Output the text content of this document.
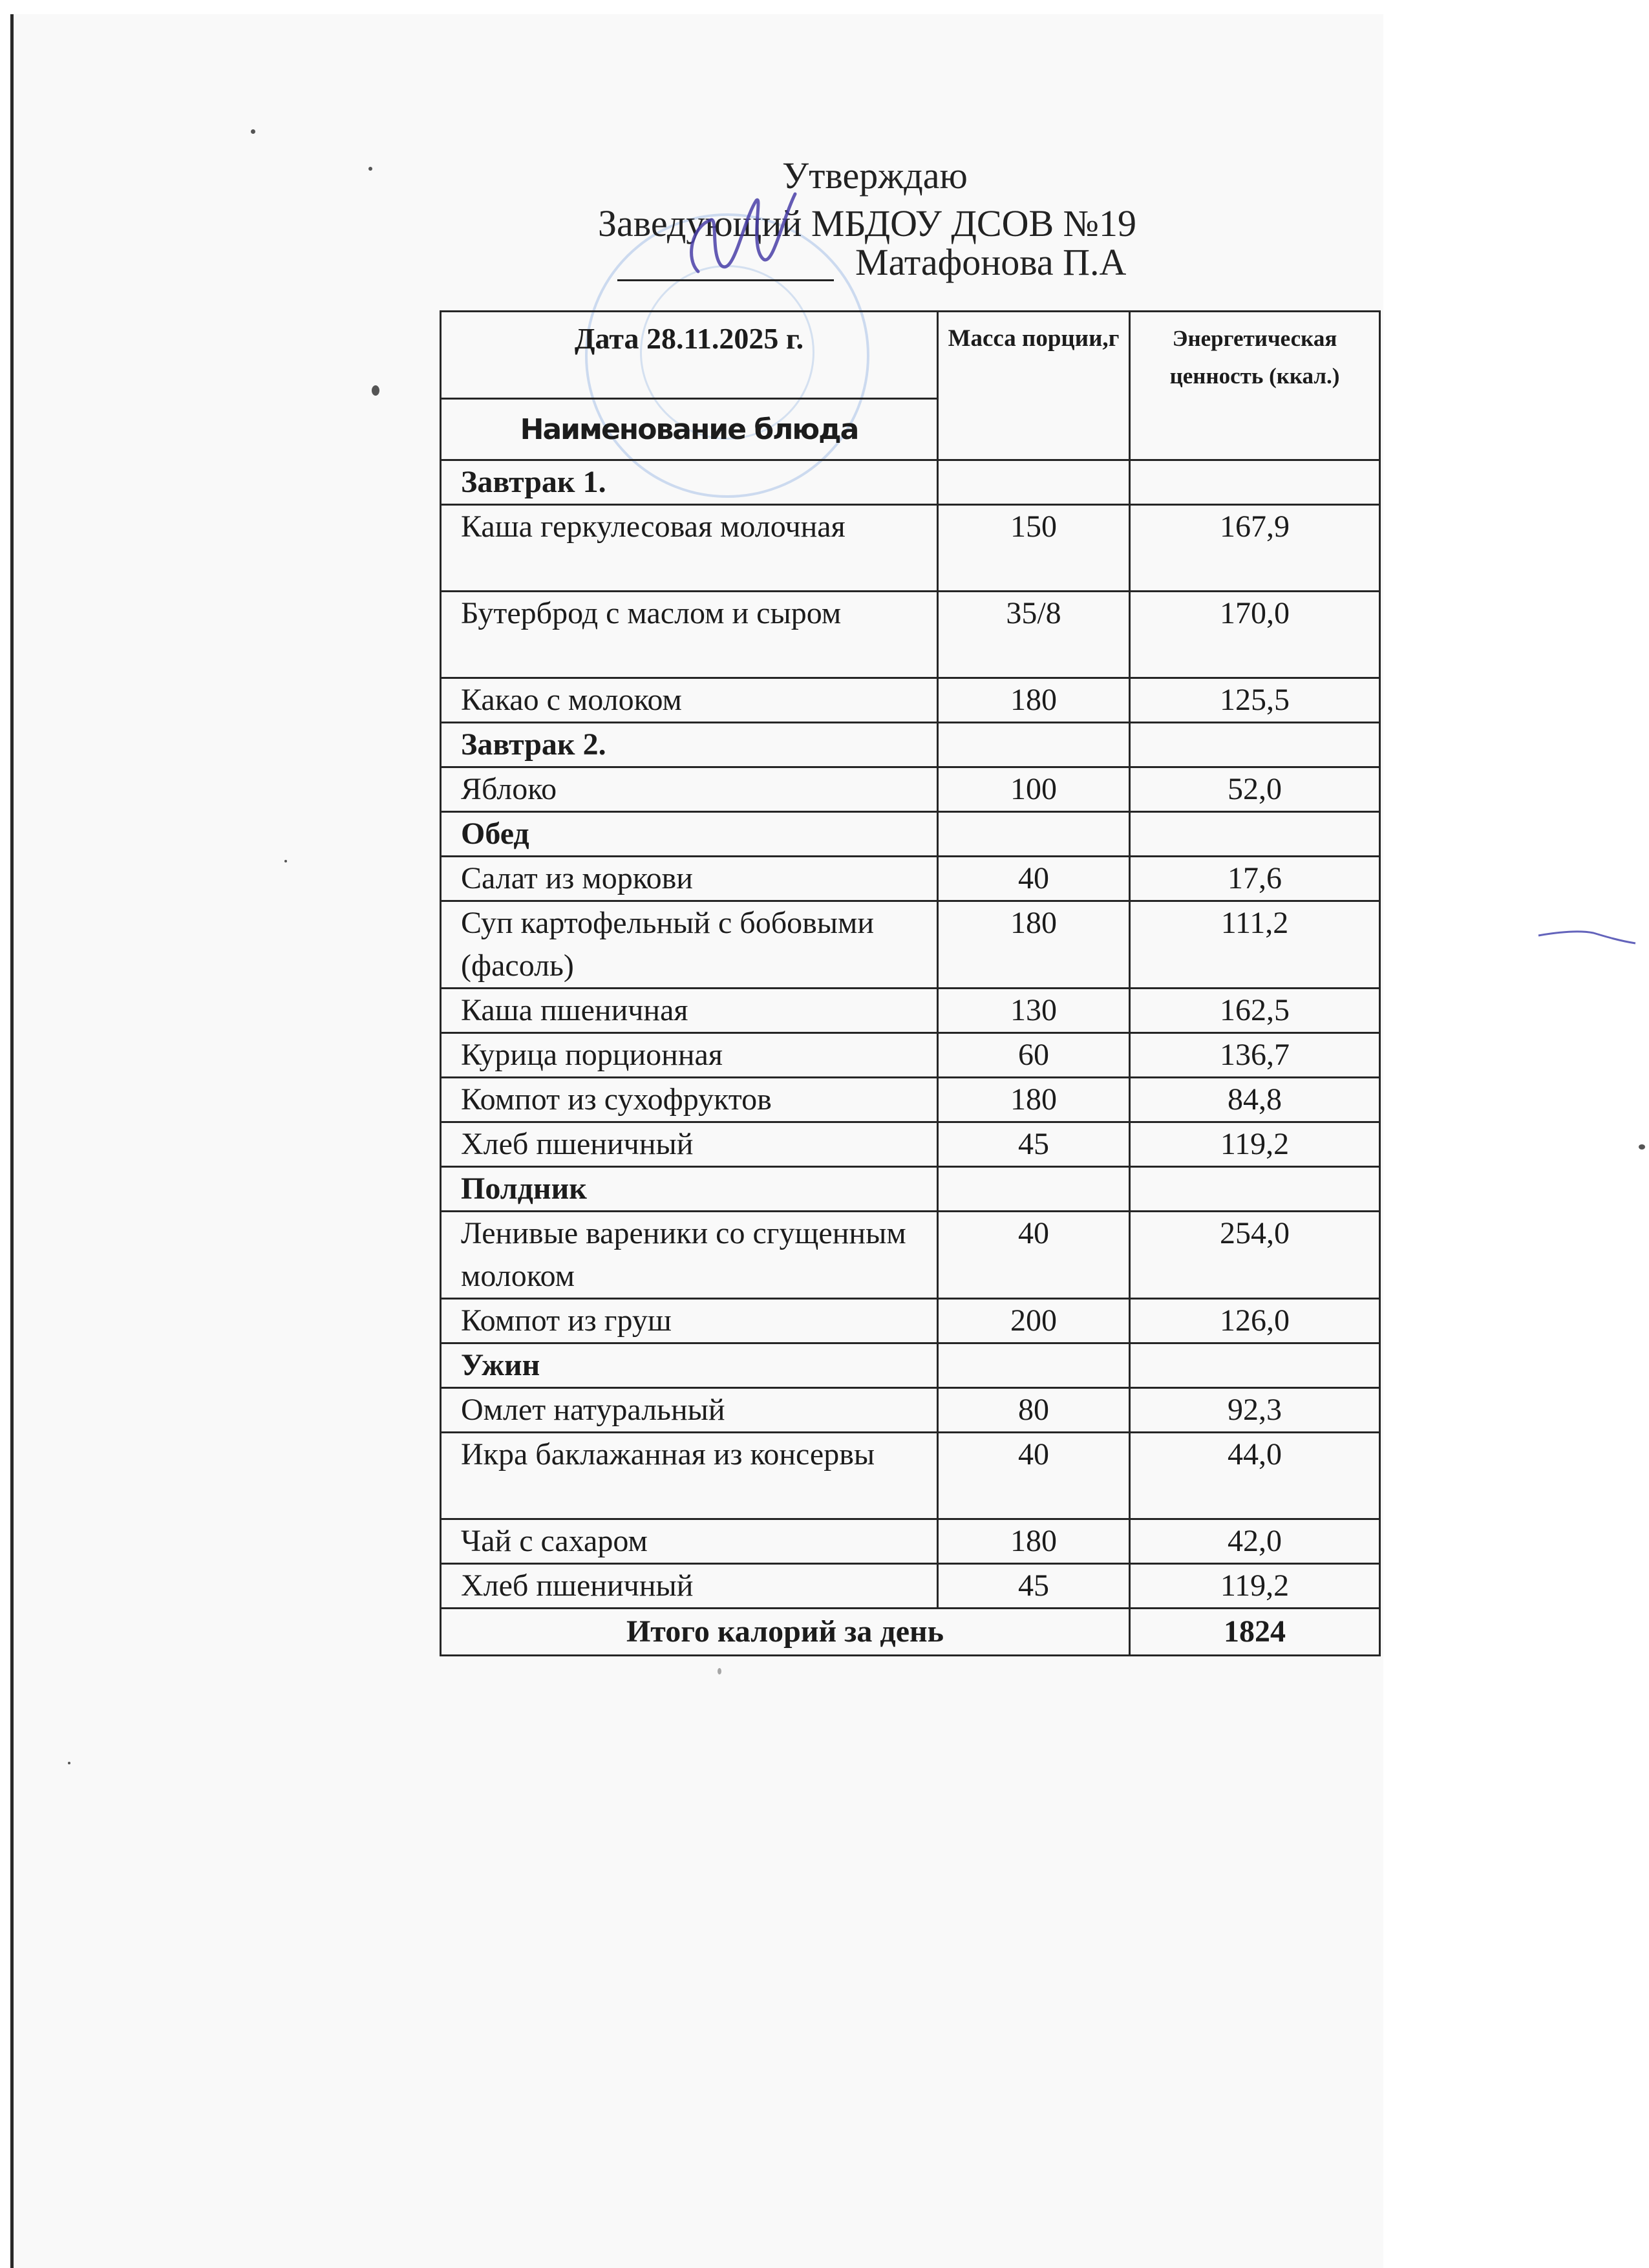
Утверждаю
Заведующий МБДОУ ДСОВ №19
Матафонова П.А
Дата 28.11.2025 г.	Масса порции,г	Энергетическая ценность (ккал.)
Наименование блюда		
Завтрак 1.		
Каша геркулесовая молочная	150	167,9
Бутерброд с маслом и сыром	35/8	170,0
Какао с молоком	180	125,5
Завтрак 2.		
Яблоко	100	52,0
Обед		
Салат из моркови	40	17,6
Суп картофельный с бобовыми (фасоль)	180	111,2
Каша пшеничная	130	162,5
Курица порционная	60	136,7
Компот из сухофруктов	180	84,8
Хлеб пшеничный	45	119,2
Полдник		
Ленивые вареники со сгущенным молоком	40	254,0
Компот из груш	200	126,0
Ужин		
Омлет натуральный	80	92,3
Икра баклажанная из консервы	40	44,0
Чай с сахаром	180	42,0
Хлеб пшеничный	45	119,2
Итого калорий за день		1824
